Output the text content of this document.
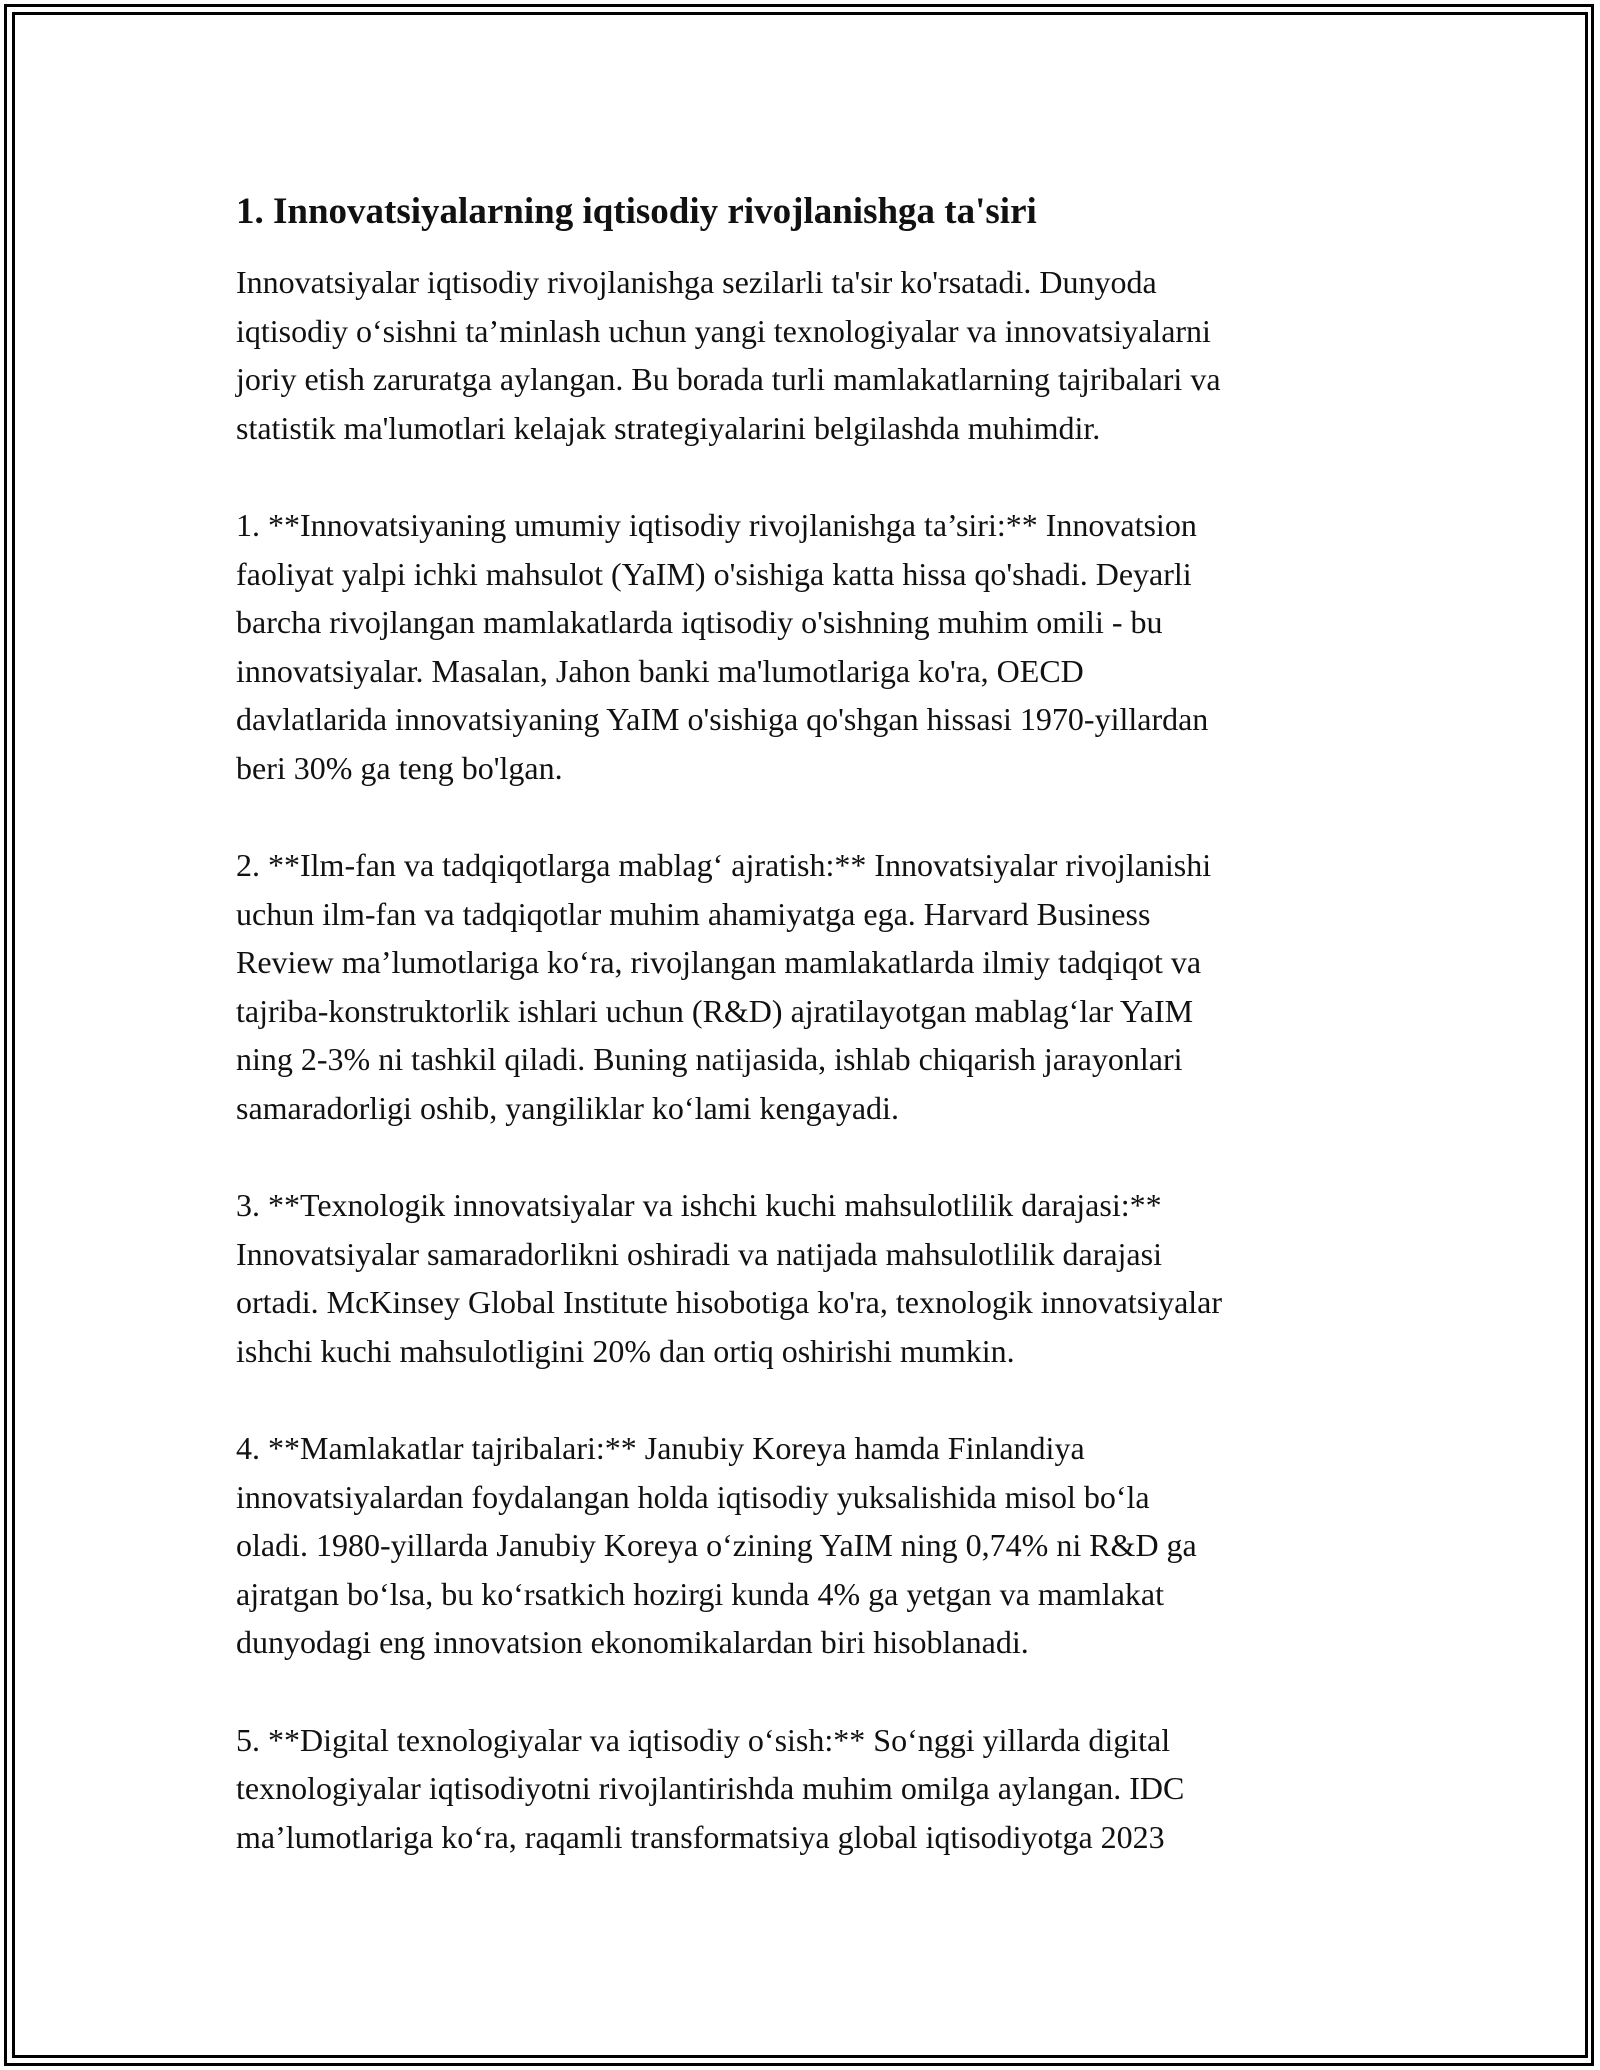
1. Innovatsiyalarning iqtisodiy rivojlanishga ta'siri

Innovatsiyalar iqtisodiy rivojlanishga sezilarli ta'sir ko'rsatadi. Dunyoda
iqtisodiy o‘sishni ta’minlash uchun yangi texnologiyalar va innovatsiyalarni
joriy etish zaruratga aylangan. Bu borada turli mamlakatlarning tajribalari va
statistik ma'lumotlari kelajak strategiyalarini belgilashda muhimdir.

1. **Innovatsiyaning umumiy iqtisodiy rivojlanishga ta’siri:** Innovatsion
faoliyat yalpi ichki mahsulot (YaIM) o'sishiga katta hissa qo'shadi. Deyarli
barcha rivojlangan mamlakatlarda iqtisodiy o'sishning muhim omili - bu
innovatsiyalar. Masalan, Jahon banki ma'lumotlariga ko'ra, OECD
davlatlarida innovatsiyaning YaIM o'sishiga qo'shgan hissasi 1970-yillardan
beri 30% ga teng bo'lgan.

2. **Ilm-fan va tadqiqotlarga mablag‘ ajratish:** Innovatsiyalar rivojlanishi
uchun ilm-fan va tadqiqotlar muhim ahamiyatga ega. Harvard Business
Review ma’lumotlariga ko‘ra, rivojlangan mamlakatlarda ilmiy tadqiqot va
tajriba-konstruktorlik ishlari uchun (R&D) ajratilayotgan mablag‘lar YaIM
ning 2-3% ni tashkil qiladi. Buning natijasida, ishlab chiqarish jarayonlari
samaradorligi oshib, yangiliklar ko‘lami kengayadi.

3. **Texnologik innovatsiyalar va ishchi kuchi mahsulotlilik darajasi:**
Innovatsiyalar samaradorlikni oshiradi va natijada mahsulotlilik darajasi
ortadi. McKinsey Global Institute hisobotiga ko'ra, texnologik innovatsiyalar
ishchi kuchi mahsulotligini 20% dan ortiq oshirishi mumkin.

4. **Mamlakatlar tajribalari:** Janubiy Koreya hamda Finlandiya
innovatsiyalardan foydalangan holda iqtisodiy yuksalishida misol bo‘la
oladi. 1980-yillarda Janubiy Koreya o‘zining YaIM ning 0,74% ni R&D ga
ajratgan bo‘lsa, bu ko‘rsatkich hozirgi kunda 4% ga yetgan va mamlakat
dunyodagi eng innovatsion ekonomikalardan biri hisoblanadi.

5. **Digital texnologiyalar va iqtisodiy o‘sish:** So‘nggi yillarda digital
texnologiyalar iqtisodiyotni rivojlantirishda muhim omilga aylangan. IDC
ma’lumotlariga ko‘ra, raqamli transformatsiya global iqtisodiyotga 2023
